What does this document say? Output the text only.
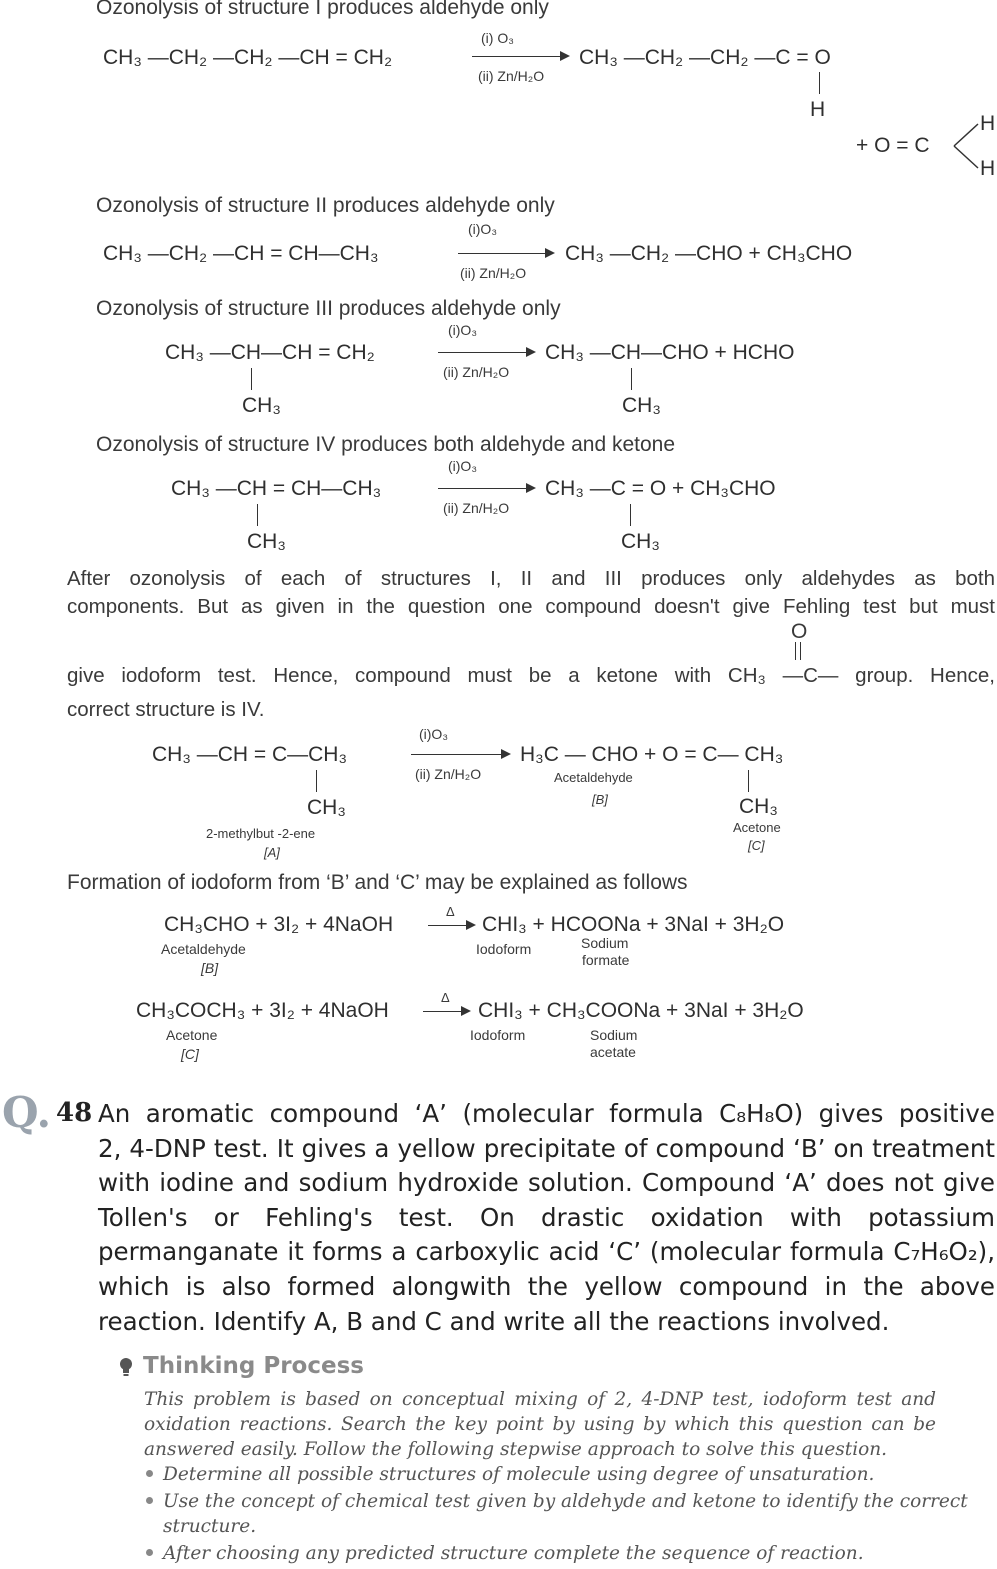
Ozonolysis of structure I produces aldehyde only
CH₃ —CH₂ —CH₂ —CH = CH₂
(i) O₃
(ii) Zn/H₂O
CH₃ —CH₂ —CH₂ —C = O
H
+ O = C
H
H
Ozonolysis of structure II produces aldehyde only
CH₃ —CH₂ —CH = CH—CH₃
(i)O₃
(ii) Zn/H₂O
CH₃ —CH₂ —CHO + CH₃CHO
Ozonolysis of structure III produces aldehyde only
CH₃ —CH—CH = CH₂
CH₃
(i)O₃
(ii) Zn/H₂O
CH₃ —CH—CHO + HCHO
CH₃
Ozonolysis of structure IV produces both aldehyde and ketone
CH₃ —CH = CH—CH₃
CH₃
(i)O₃
(ii) Zn/H₂O
CH₃ —C = O + CH₃CHO
CH₃
After ozonolysis of each of structures I, II and III produces only aldehydes as both
components. But as given in the question one compound doesn't give Fehling test but must
O
give iodoform test. Hence, compound must be a ketone with CH₃ —C— group. Hence,
correct structure is IV.
CH₃ —CH = C—CH₃
CH₃
2-methylbut -2-ene
[A]
(i)O₃
(ii) Zn/H₂O
H₃C — CHO + O = C— CH₃
Acetaldehyde
[B]	CH₃
Acetone
[C]
Formation of iodoform from ‘B’ and ‘C’ may be explained as follows
CH₃CHO + 3I₂ + 4NaOH
Δ
→ CHI₃ + HCOONa + 3NaI + 3H₂O
Acetaldehyde
[B]
Iodoform	Sodium
formate
CH₃COCH₃ + 3I₂ + 4NaOH
Δ
→ CHI₃ + CH₃COONa + 3NaI + 3H₂O
Acetone
[C]
Iodoform	Sodium
acetate
Q. 48 An aromatic compound ‘A’ (molecular formula C₈H₈O) gives positive
2, 4-DNP test. It gives a yellow precipitate of compound ‘B’ on treatment
with iodine and sodium hydroxide solution. Compound ‘A’ does not give
Tollen's or Fehling's test. On drastic oxidation with potassium
permanganate it forms a carboxylic acid ‘C’ (molecular formula C₇H₆O₂),
which is also formed alongwith the yellow compound in the above
reaction. Identify A, B and C and write all the reactions involved.
Thinking Process
This problem is based on conceptual mixing of 2, 4-DNP test, iodoform test and
oxidation reactions. Search the key point by using by which this question can be
answered easily. Follow the following stepwise approach to solve this question.
Determine all possible structures of molecule using degree of unsaturation.
Use the concept of chemical test given by aldehyde and ketone to identify the correct
structure.
After choosing any predicted structure complete the sequence of reaction.
